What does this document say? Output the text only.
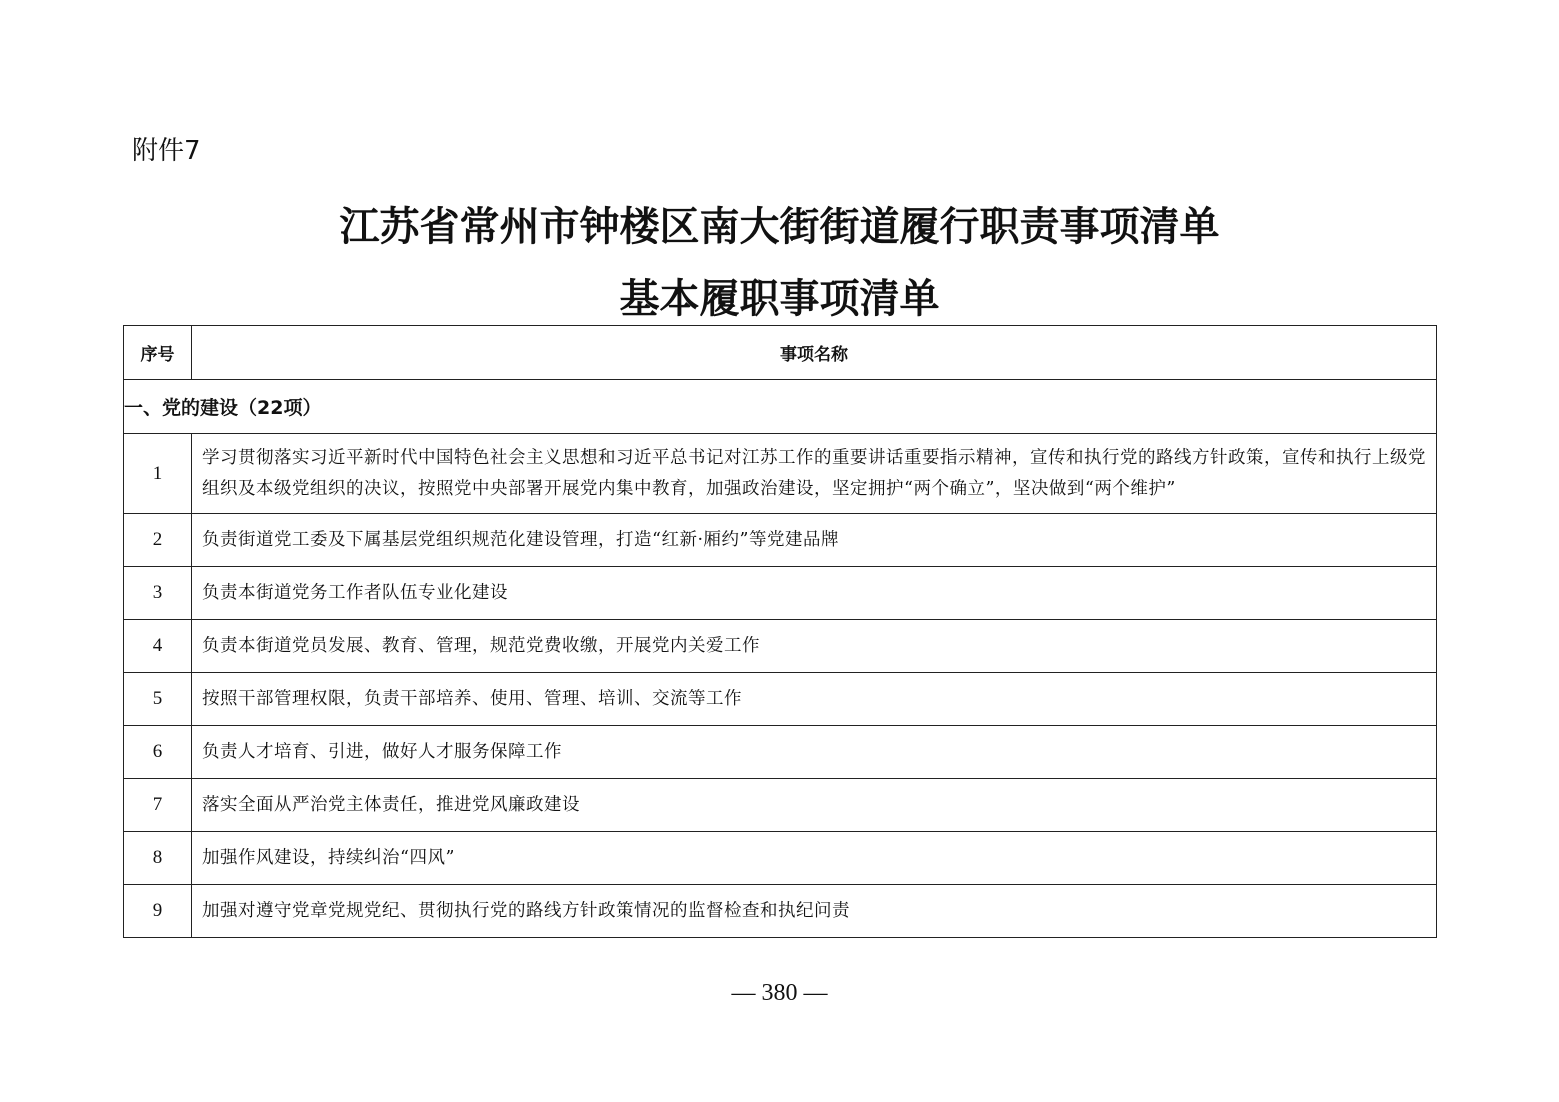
附件7
江苏省常州市钟楼区南大街街道履行职责事项清单
基本履职事项清单
序号	事项名称
一、党的建设（22项）	
1	学习贯彻落实习近平新时代中国特色社会主义思想和习近平总书记对江苏工作的重要讲话重要指示精神，宣传和执行党的路线方针政策，宣传和执行上级党组织及本级党组织的决议，按照党中央部署开展党内集中教育，加强政治建设，坚定拥护“两个确立”，坚决做到“两个维护”
2	负责街道党工委及下属基层党组织规范化建设管理，打造“红新·厢约”等党建品牌
3	负责本街道党务工作者队伍专业化建设
4	负责本街道党员发展、教育、管理，规范党费收缴，开展党内关爱工作
5	按照干部管理权限，负责干部培养、使用、管理、培训、交流等工作
6	负责人才培育、引进，做好人才服务保障工作
7	落实全面从严治党主体责任，推进党风廉政建设
8	加强作风建设，持续纠治“四风”
9	加强对遵守党章党规党纪、贯彻执行党的路线方针政策情况的监督检查和执纪问责
— 380 —
